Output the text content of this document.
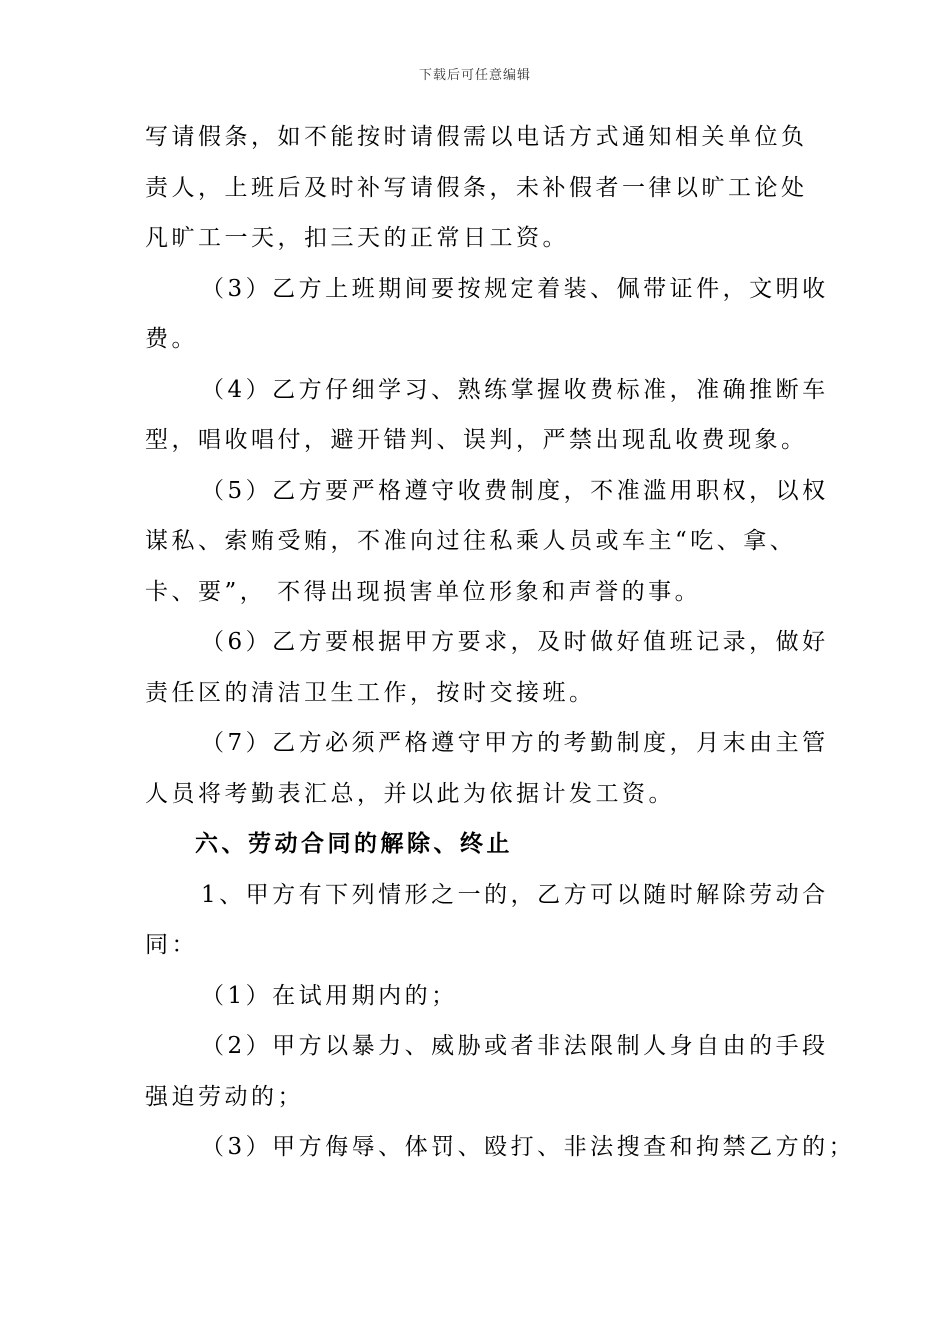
下载后可任意编辑
写请假条，如不能按时请假需以电话方式通知相关单位负
责人，上班后及时补写请假条，未补假者一律以旷工论处
凡旷工一天，扣三天的正常日工资。
（3）乙方上班期间要按规定着装、佩带证件，文明收
费。
（4）乙方仔细学习、熟练掌握收费标准，准确推断车
型，唱收唱付，避开错判、误判，严禁出现乱收费现象。
（5）乙方要严格遵守收费制度，不准滥用职权，以权
谋私、索贿受贿，不准向过往私乘人员或车主“吃、拿、
卡、要”， 不得出现损害单位形象和声誉的事。
（6）乙方要根据甲方要求，及时做好值班记录，做好
责任区的清洁卫生工作，按时交接班。
（7）乙方必须严格遵守甲方的考勤制度，月末由主管
人员将考勤表汇总，并以此为依据计发工资。
六、劳动合同的解除、终止
1、甲方有下列情形之一的，乙方可以随时解除劳动合
同：
（1）在试用期内的；
（2）甲方以暴力、威胁或者非法限制人身自由的手段
强迫劳动的；
（3）甲方侮辱、体罚、殴打、非法搜查和拘禁乙方的；
